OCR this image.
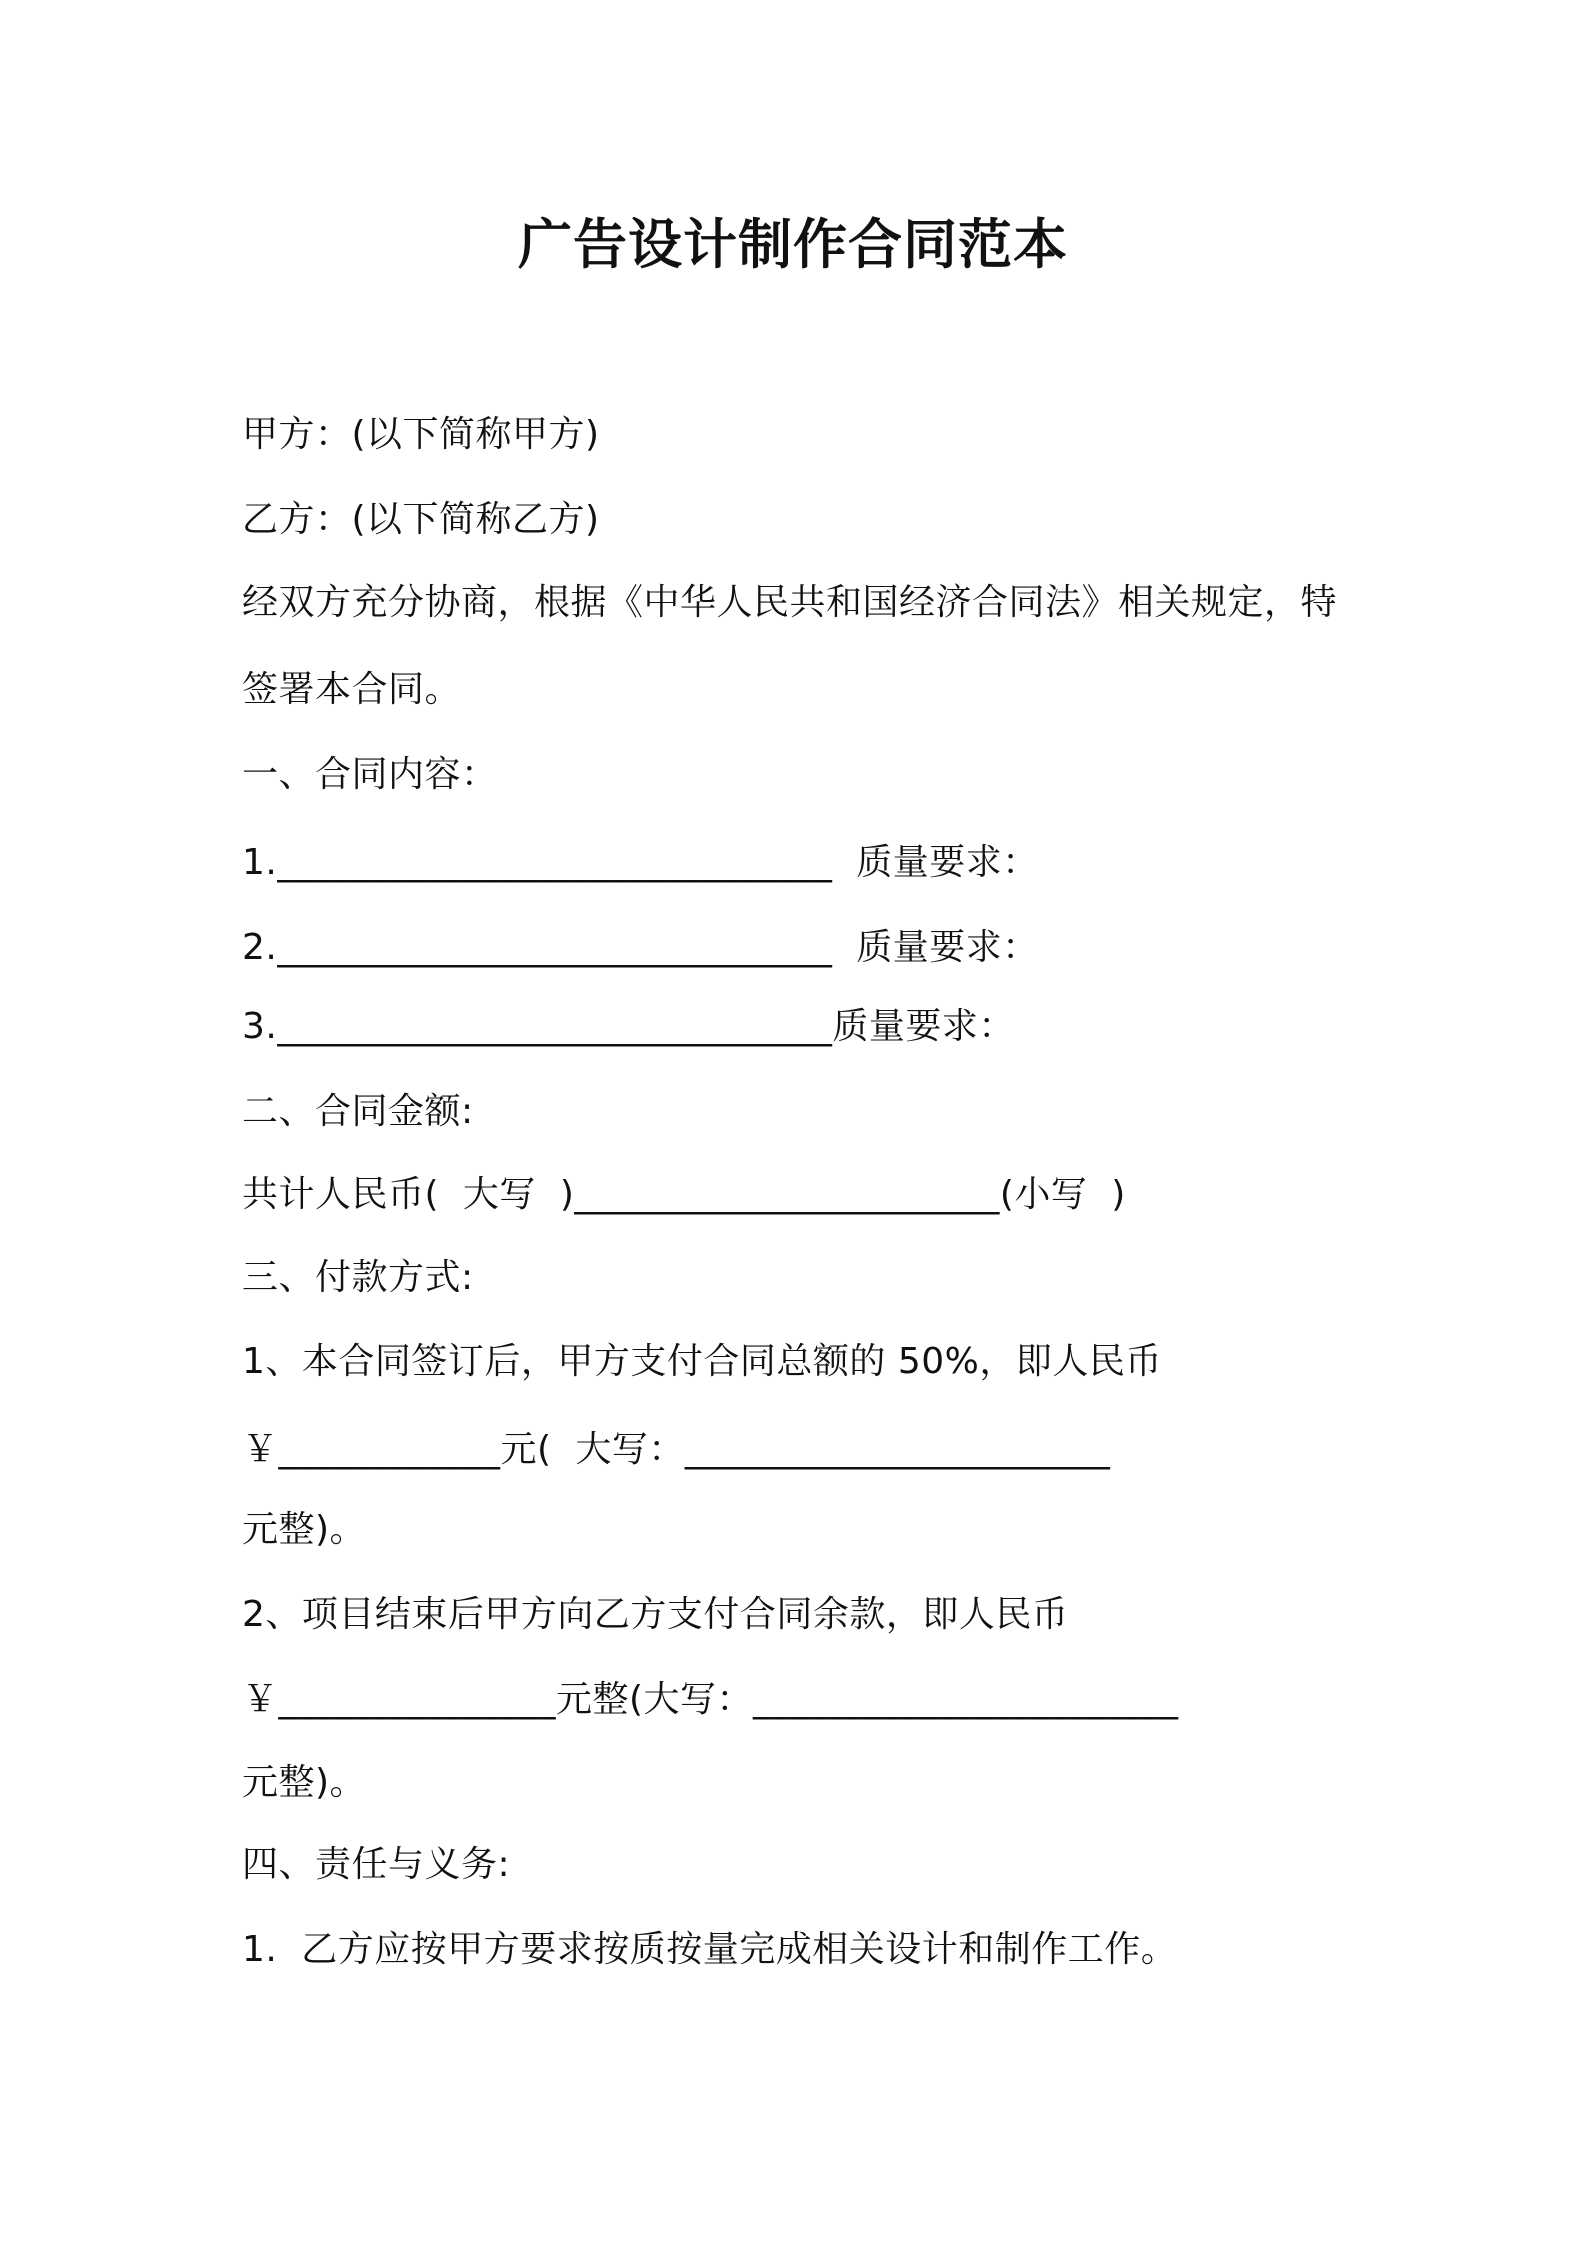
广告设计制作合同范本
甲方：(以下简称甲方)
乙方：(以下简称乙方)
经双方充分协商，根据《中华人民共和国经济合同法》相关规定，特
签署本合同。
一、合同内容：
1.______________________________  质量要求：
2.______________________________  质量要求：
3.______________________________质量要求：
二、合同金额:
共计人民币(  大写  )_______________________(小写  )
三、付款方式:
1、本合同签订后，甲方支付合同总额的 50%，即人民币
￥____________元(  大写：_______________________
元整)。
2、项目结束后甲方向乙方支付合同余款，即人民币
￥_______________元整(大写：_______________________
元整)。
四、责任与义务:
1.  乙方应按甲方要求按质按量完成相关设计和制作工作。
